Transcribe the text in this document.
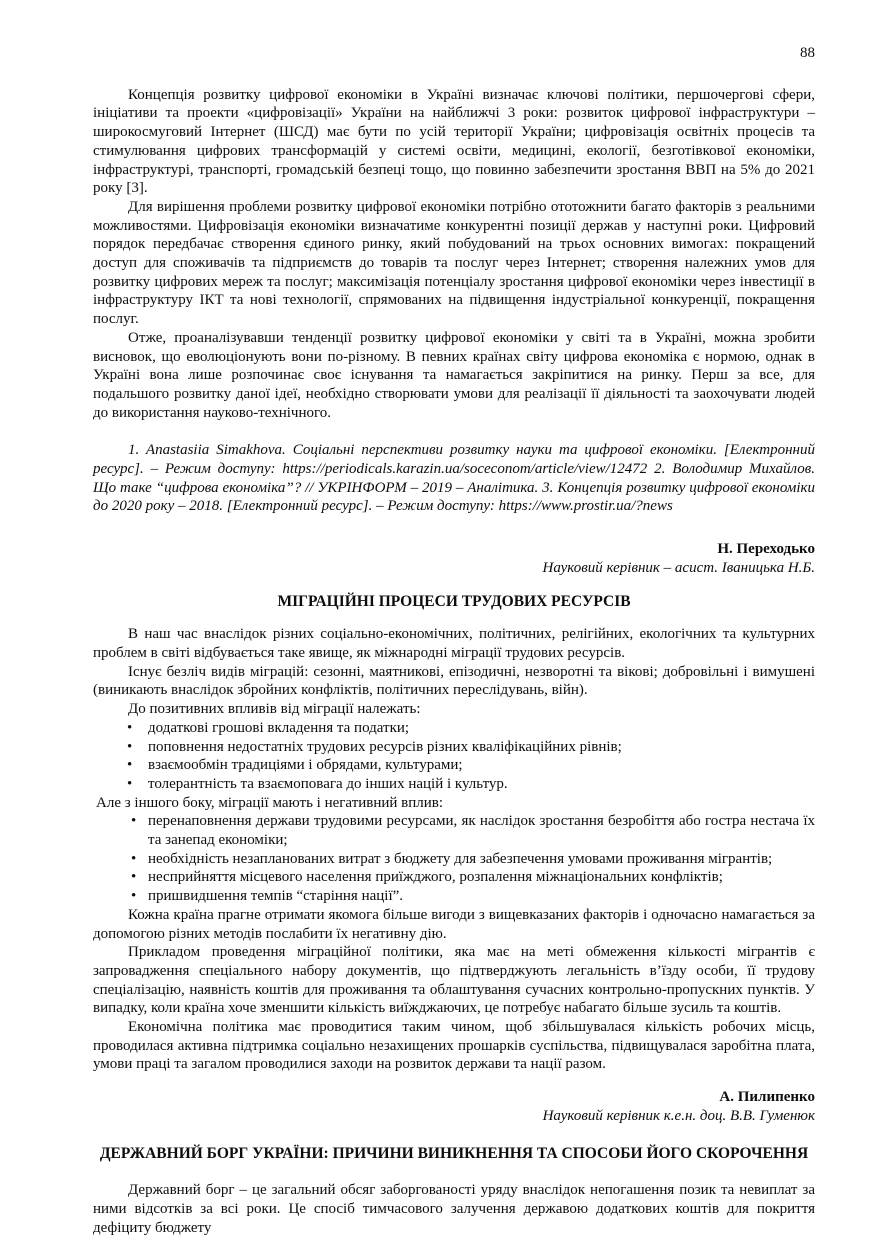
88

Концепція розвитку цифрової економіки в Україні визначає ключові політики, першочергові сфери, ініціативи та проекти «цифровізації» України на найближчі 3 роки: розвиток цифрової інфраструктури – широкосмуговий Інтернет (ШСД) має бути по усій території України; цифровізація освітніх процесів та стимулювання цифрових трансформацій у системі освіти, медицині, екології, безготівкової економіки, інфраструктурі, транспорті, громадській безпеці тощо, що повинно забезпечити зростання ВВП на 5% до 2021 року [3].

Для вирішення проблеми розвитку цифрової економіки потрібно ототожнити багато факторів з реальними можливостями. Цифровізація економіки визначатиме конкурентні позиції держав у наступні роки. Цифровий порядок передбачає створення єдиного ринку, який побудований на трьох основних вимогах: покращений доступ для споживачів та підприємств до товарів та послуг через Інтернет; створення належних умов для розвитку цифрових мереж та послуг; максимізація потенціалу зростання цифрової економіки через інвестиції в інфраструктуру ІКТ та нові технології, спрямованих на підвищення індустріальної конкуренції, покращення послуг.

Отже, проаналізувавши тенденції розвитку цифрової економіки у світі та в Україні, можна зробити висновок, що еволюціонують вони по-різному. В певних країнах світу цифрова економіка є нормою, однак в Україні вона лише розпочинає своє існування та намагається закріпитися на ринку. Перш за все, для подальшого розвитку даної ідеї, необхідно створювати умови для реалізації її діяльності та заохочувати людей до використання науково-технічного.

1. Anastasiia Simakhova. Соціальні перспективи розвитку науки та цифрової економіки. [Електронний ресурс]. – Режим доступу: https://periodicals.karazin.ua/soceconom/article/view/12472 2. Володимир Михайлов. Що таке “цифрова економіка”? // УКРІНФОРМ – 2019 – Аналітика. 3. Концепція розвитку цифрової економіки до 2020 року – 2018. [Електронний ресурс]. – Режим доступу: https://www.prostir.ua/?news

Н. Переходько
Науковий керівник – асист. Іваницька Н.Б.
МІГРАЦІЙНІ ПРОЦЕСИ ТРУДОВИХ РЕСУРСІВ

В наш час внаслідок різних соціально-економічних, політичних, релігійних, екологічних та культурних проблем в світі відбувається таке явище, як міжнародні міграції трудових ресурсів.

Існує безліч видів міграцій: сезонні, маятникові, епізодичні, незворотні та вікові; добровільні і вимушені (виникають внаслідок збройних конфліктів, політичних переслідувань, війн).

До позитивних впливів від міграції належать:

• додаткові грошові вкладення та податки;
• поповнення недостатніх трудових ресурсів різних кваліфікаційних рівнів;
• взаємообмін традиціями і обрядами, культурами;
• толерантність та взаємоповага до інших націй і культур.

Але з іншого боку, міграції мають і негативний вплив:

• перенаповнення держави трудовими ресурсами, як наслідок зростання безробіття або гостра нестача їх та занепад економіки;
• необхідність незапланованих витрат з бюджету для забезпечення умовами проживання мігрантів;
• несприйняття місцевого населення приїжджого, розпалення міжнаціональних конфліктів;
• пришвидшення темпів “старіння нації”.

Кожна країна прагне отримати якомога більше вигоди з вищевказаних факторів і одночасно намагається за допомогою різних методів послабити їх негативну дію.

Прикладом проведення міграційної політики, яка має на меті обмеження кількості мігрантів є запровадження спеціального набору документів, що підтверджують легальність в’їзду особи, її трудову спеціалізацію, наявність коштів для проживання та облаштування сучасних контрольно-пропускних пунктів. У випадку, коли країна хоче зменшити кількість виїжджаючих, це потребує набагато більше зусиль та коштів.

Економічна політика має проводитися таким чином, щоб збільшувалася кількість робочих місць, проводилася активна підтримка соціально незахищених прошарків суспільства, підвищувалася заробітна плата, умови праці та загалом проводилися заходи на розвиток держави та нації разом.

А. Пилипенко
Науковий керівник к.е.н. доц. В.В. Гуменюк
ДЕРЖАВНИЙ БОРГ УКРАЇНИ: ПРИЧИНИ ВИНИКНЕННЯ ТА СПОСОБИ ЙОГО СКОРОЧЕННЯ

Державний борг – це загальний обсяг заборгованості уряду внаслідок непогашення позик та невиплат за ними відсотків за всі роки. Це спосіб тимчасового залучення державою додаткових коштів для покриття дефіциту бюджету
